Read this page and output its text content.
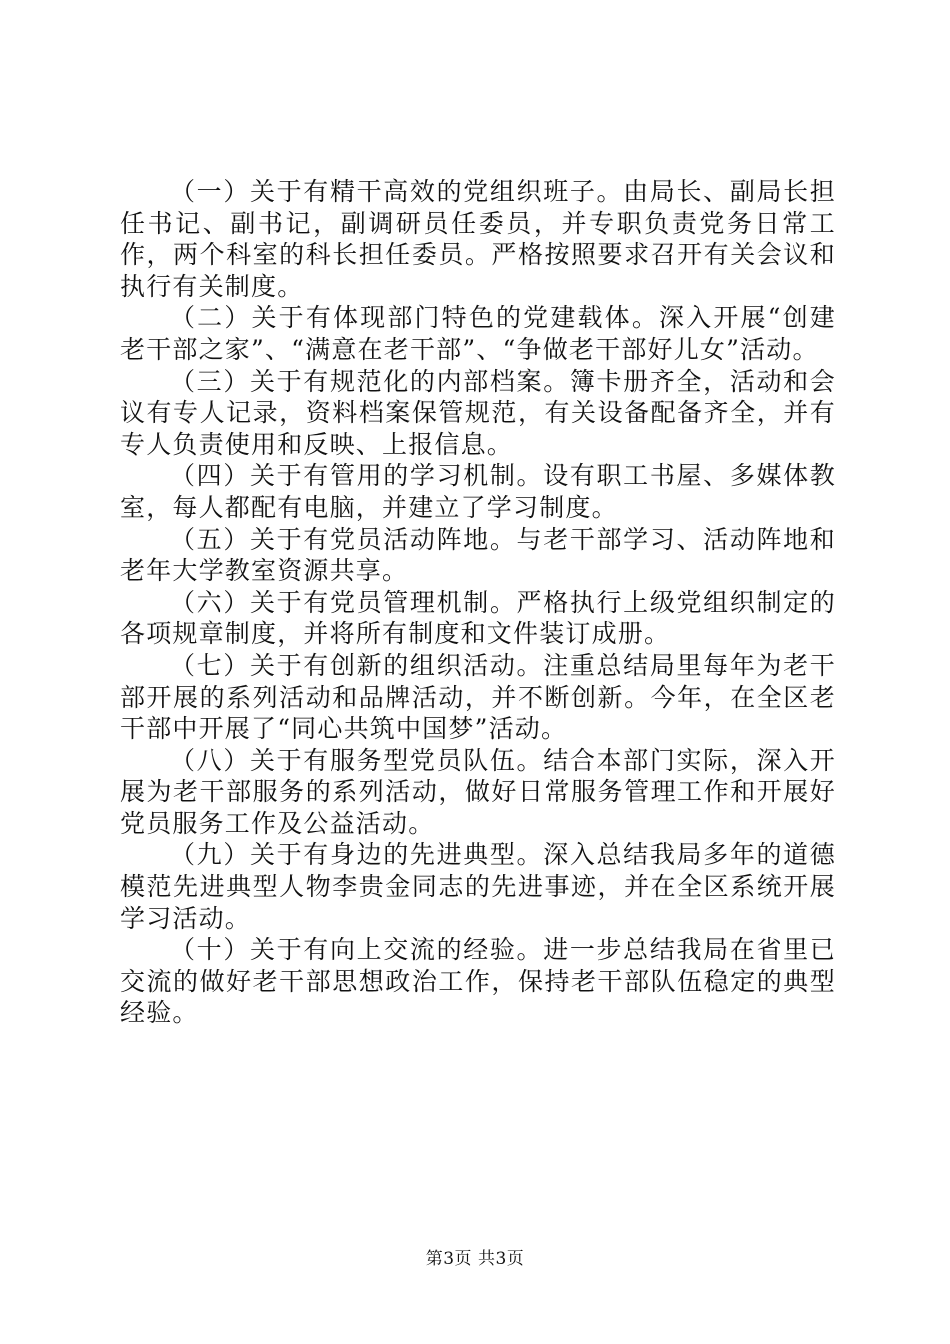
（一）关于有精干高效的党组织班子。由局长、副局长担任书记、副书记，副调研员任委员，并专职负责党务日常工作，两个科室的科长担任委员。严格按照要求召开有关会议和执行有关制度。

（二）关于有体现部门特色的党建载体。深入开展“创建老干部之家”、“满意在老干部”、“争做老干部好儿女”活动。

（三）关于有规范化的内部档案。簿卡册齐全，活动和会议有专人记录，资料档案保管规范，有关设备配备齐全，并有专人负责使用和反映、上报信息。

（四）关于有管用的学习机制。设有职工书屋、多媒体教室，每人都配有电脑，并建立了学习制度。

（五）关于有党员活动阵地。与老干部学习、活动阵地和老年大学教室资源共享。

（六）关于有党员管理机制。严格执行上级党组织制定的各项规章制度，并将所有制度和文件装订成册。

（七）关于有创新的组织活动。注重总结局里每年为老干部开展的系列活动和品牌活动，并不断创新。今年，在全区老干部中开展了“同心共筑中国梦”活动。

（八）关于有服务型党员队伍。结合本部门实际，深入开展为老干部服务的系列活动，做好日常服务管理工作和开展好党员服务工作及公益活动。

（九）关于有身边的先进典型。深入总结我局多年的道德模范先进典型人物李贵金同志的先进事迹，并在全区系统开展学习活动。

（十）关于有向上交流的经验。进一步总结我局在省里已交流的做好老干部思想政治工作，保持老干部队伍稳定的典型经验。

第3页 共3页
